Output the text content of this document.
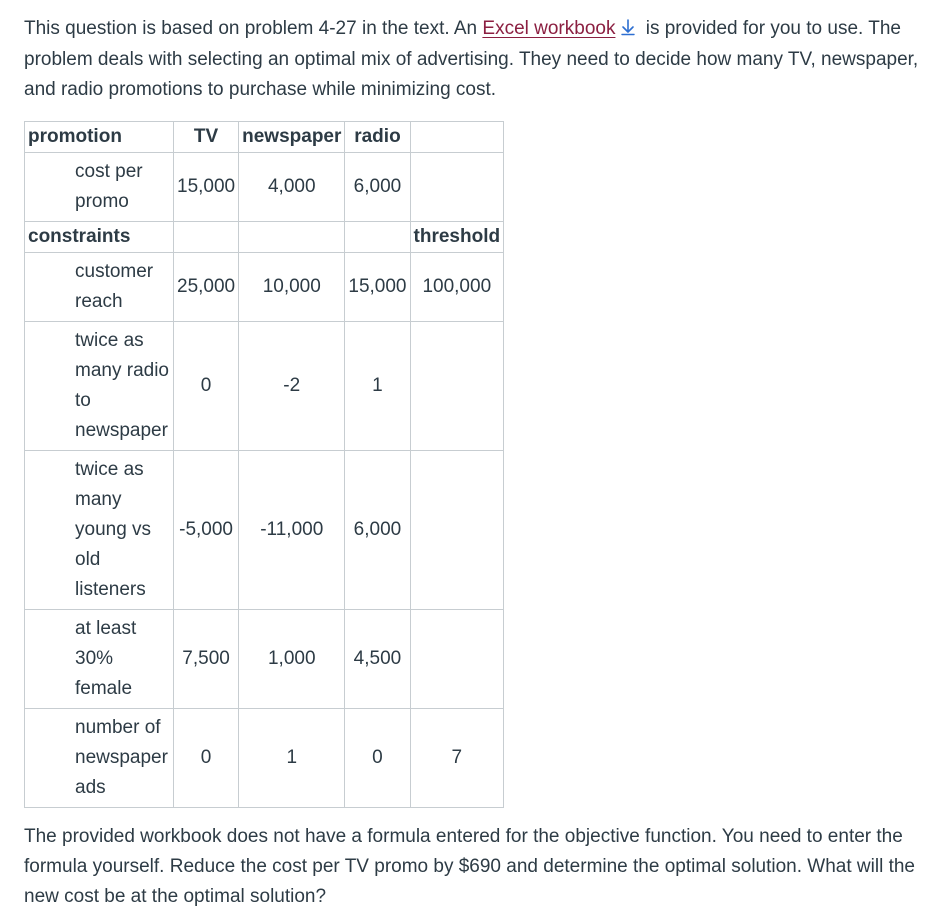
This question is based on problem 4-27 in the text. An Excel workbook is provided for you to use. The problem deals with selecting an optimal mix of advertising. They need to decide how many TV, newspaper, and radio promotions to purchase while minimizing cost.

promotion	TV	newspaper	radio	
cost per promo	15,000	4,000	6,000	
constraints				threshold
customer reach	25,000	10,000	15,000	100,000
twice as many radio to newspaper	0	-2	1	
twice as many young vs old listeners	-5,000	-11,000	6,000	
at least 30% female	7,500	1,000	4,500	
number of newspaper ads	0	1	0	7

The provided workbook does not have a formula entered for the objective function. You need to enter the formula yourself. Reduce the cost per TV promo by $690 and determine the optimal solution. What will the new cost be at the optimal solution?
